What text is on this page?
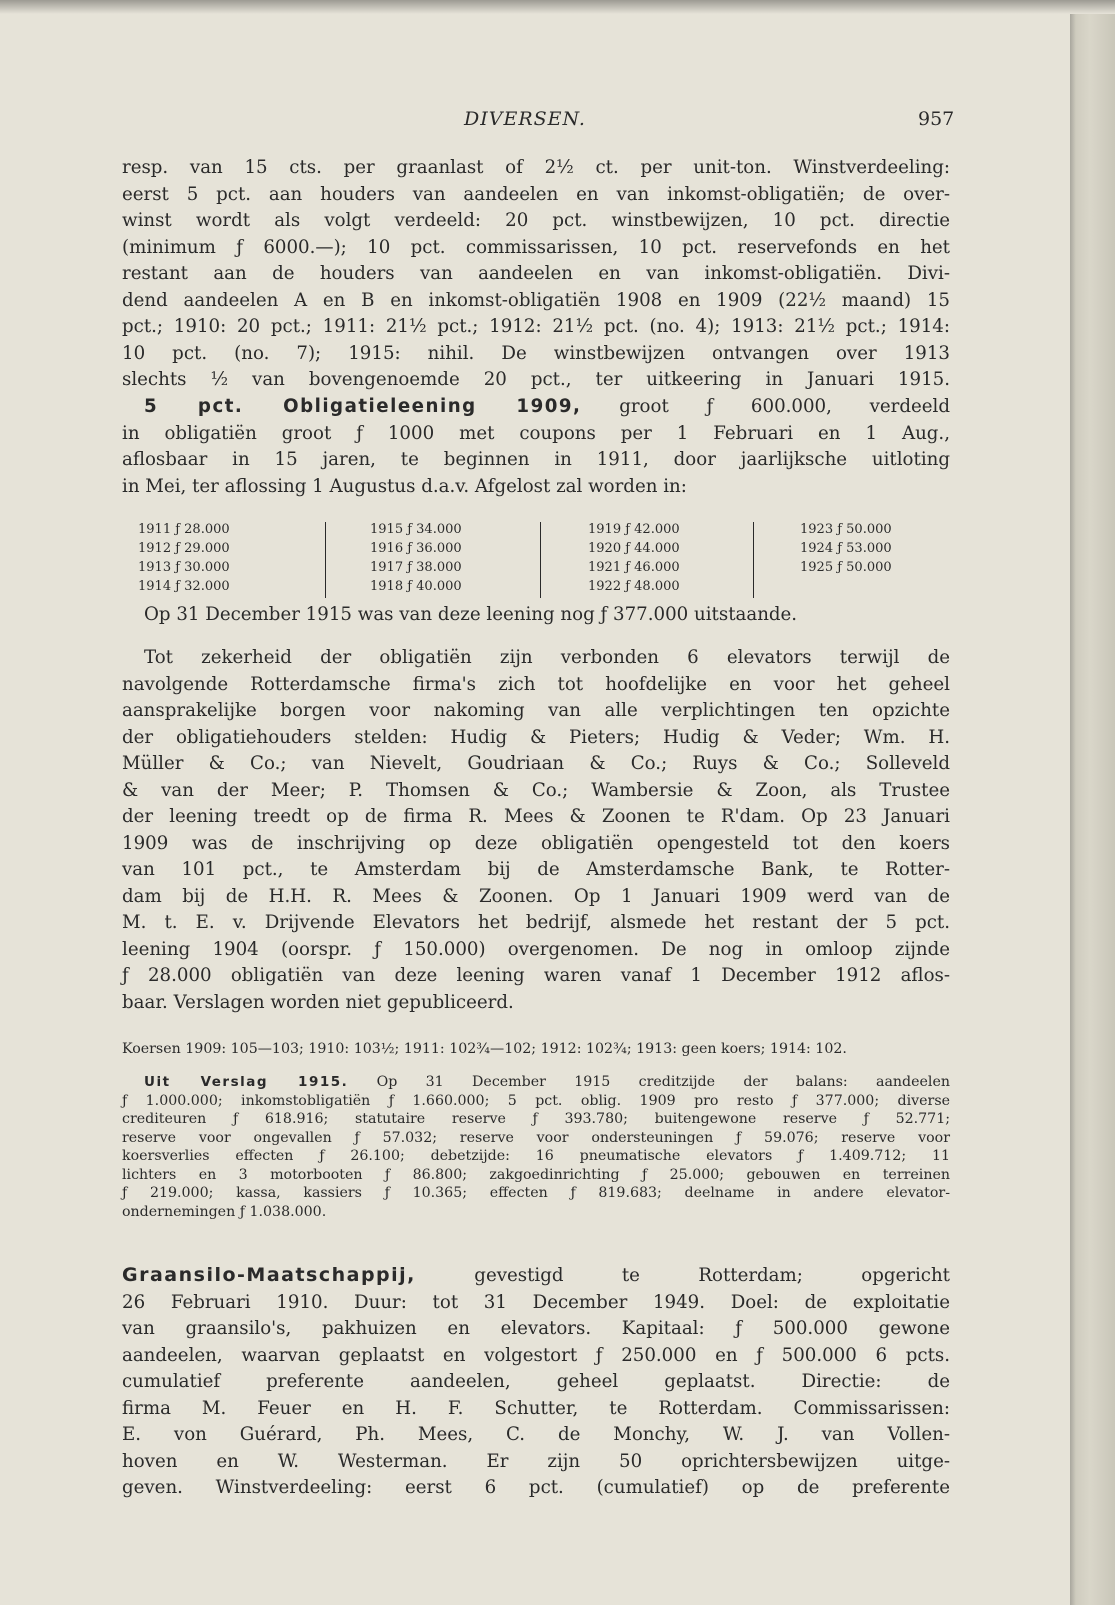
DIVERSEN.	957

resp. van 15 cts. per graanlast of 2½ ct. per unit-ton. Winstverdeeling:

eerst 5 pct. aan houders van aandeelen en van inkomst-obligatiën; de over-

winst wordt als volgt verdeeld: 20 pct. winstbewijzen, 10 pct. directie

(minimum ƒ 6000.—); 10 pct. commissarissen, 10 pct. reservefonds en het

restant aan de houders van aandeelen en van inkomst-obligatiën. Divi-

dend aandeelen A en B en inkomst-obligatiën 1908 en 1909 (22½ maand) 15

pct.; 1910: 20 pct.; 1911: 21½ pct.; 1912: 21½ pct. (no. 4); 1913: 21½ pct.; 1914:

10 pct. (no. 7); 1915: nihil. De winstbewijzen ontvangen over 1913

slechts ½ van bovengenoemde 20 pct., ter uitkeering in Januari 1915.

5 pct. Obligatieleening 1909, groot ƒ 600.000, verdeeld

in obligatiën groot ƒ 1000 met coupons per 1 Februari en 1 Aug.,

aflosbaar in 15 jaren, te beginnen in 1911, door jaarlijksche uitloting

in Mei, ter aflossing 1 Augustus d.a.v. Afgelost zal worden in:

1911 ƒ 28.000
1912 ƒ 29.000
1913 ƒ 30.000
1914 ƒ 32.000
1915 ƒ 34.000
1916 ƒ 36.000
1917 ƒ 38.000
1918 ƒ 40.000
1919 ƒ 42.000
1920 ƒ 44.000
1921 ƒ 46.000
1922 ƒ 48.000
1923 ƒ 50.000
1924 ƒ 53.000
1925 ƒ 50.000

Op 31 December 1915 was van deze leening nog ƒ 377.000 uitstaande.

Tot zekerheid der obligatiën zijn verbonden 6 elevators terwijl de

navolgende Rotterdamsche firma's zich tot hoofdelijke en voor het geheel

aansprakelijke borgen voor nakoming van alle verplichtingen ten opzichte

der obligatiehouders stelden: Hudig & Pieters; Hudig & Veder; Wm. H.

Müller & Co.; van Nievelt, Goudriaan & Co.; Ruys & Co.; Solleveld

& van der Meer; P. Thomsen & Co.; Wambersie & Zoon, als Trustee

der leening treedt op de firma R. Mees & Zoonen te R'dam. Op 23 Januari

1909 was de inschrijving op deze obligatiën opengesteld tot den koers

van 101 pct., te Amsterdam bij de Amsterdamsche Bank, te Rotter-

dam bij de H.H. R. Mees & Zoonen. Op 1 Januari 1909 werd van de

M. t. E. v. Drijvende Elevators het bedrijf, alsmede het restant der 5 pct.

leening 1904 (oorspr. ƒ 150.000) overgenomen. De nog in omloop zijnde

ƒ 28.000 obligatiën van deze leening waren vanaf 1 December 1912 aflos-

baar. Verslagen worden niet gepubliceerd.

Koersen 1909: 105—103; 1910: 103½; 1911: 102¾—102; 1912: 102¾; 1913: geen koers; 1914: 102.

Uit Verslag 1915. Op 31 December 1915 creditzijde der balans: aandeelen

ƒ 1.000.000; inkomstobligatiën ƒ 1.660.000; 5 pct. oblig. 1909 pro resto ƒ 377.000; diverse

crediteuren ƒ 618.916; statutaire reserve ƒ 393.780; buitengewone reserve ƒ 52.771;

reserve voor ongevallen ƒ 57.032; reserve voor ondersteuningen ƒ 59.076; reserve voor

koersverlies effecten ƒ 26.100; debetzijde: 16 pneumatische elevators ƒ 1.409.712; 11

lichters en 3 motorbooten ƒ 86.800; zakgoedinrichting ƒ 25.000; gebouwen en terreinen

ƒ 219.000; kassa, kassiers ƒ 10.365; effecten ƒ 819.683; deelname in andere elevator-

ondernemingen ƒ 1.038.000.

Graansilo-Maatschappij,	gevestigd te Rotterdam; opgericht

26 Februari 1910. Duur: tot 31 December 1949. Doel: de exploitatie

van graansilo's, pakhuizen en elevators. Kapitaal: ƒ 500.000 gewone

aandeelen, waarvan geplaatst en volgestort ƒ 250.000 en ƒ 500.000 6 pcts.

cumulatief preferente aandeelen, geheel geplaatst. Directie: de

firma M. Feuer en H. F. Schutter, te Rotterdam. Commissarissen:

E. von Guérard, Ph. Mees, C. de Monchy, W. J. van Vollen-

hoven en W. Westerman. Er zijn 50 oprichtersbewijzen uitge-

geven. Winstverdeeling: eerst 6 pct. (cumulatief) op de preferente
